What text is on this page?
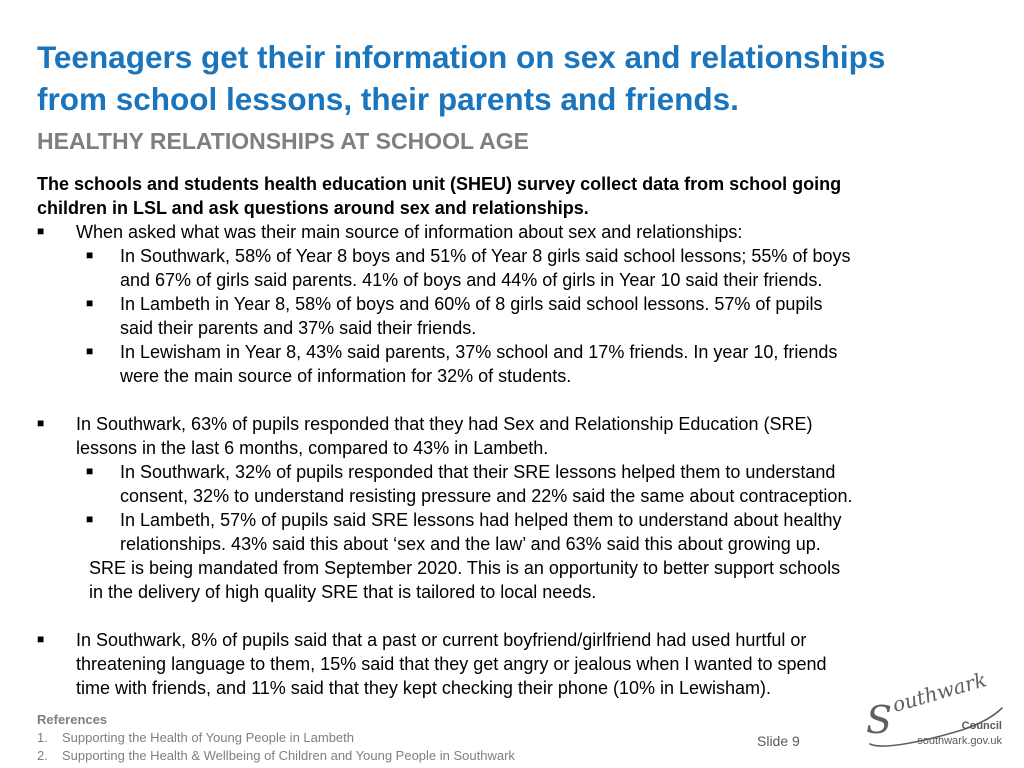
Teenagers get their information on sex and relationships
from school lessons, their parents and friends.
HEALTHY RELATIONSHIPS AT SCHOOL AGE

The schools and students health education unit (SHEU) survey collect data from school going
children in LSL and ask questions around sex and relationships.

■ When asked what was their main source of information about sex and relationships:
■ In Southwark, 58% of Year 8 boys and 51% of Year 8 girls said school lessons; 55% of boys
and 67% of girls said parents. 41% of boys and 44% of girls in Year 10 said their friends.
■ In Lambeth in Year 8, 58% of boys and 60% of 8 girls said school lessons. 57% of pupils
said their parents and 37% said their friends.
■ In Lewisham in Year 8, 43% said parents, 37% school and 17% friends. In year 10, friends
were the main source of information for 32% of students.
■ In Southwark, 63% of pupils responded that they had Sex and Relationship Education (SRE)
lessons in the last 6 months, compared to 43% in Lambeth.
■ In Southwark, 32% of pupils responded that their SRE lessons helped them to understand
consent, 32% to understand resisting pressure and 22% said the same about contraception.
■ In Lambeth, 57% of pupils said SRE lessons had helped them to understand about healthy
relationships. 43% said this about ‘sex and the law’ and 63% said this about growing up.

SRE is being mandated from September 2020. This is an opportunity to better support schools
in the delivery of high quality SRE that is tailored to local needs.

■ In Southwark, 8% of pupils said that a past or current boyfriend/girlfriend had used hurtful or
threatening language to them, 15% said that they get angry or jealous when I wanted to spend
time with friends, and 11% said that they kept checking their phone (10% in Lewisham).
References
1. Supporting the Health of Young People in Lambeth
2. Supporting the Health & Wellbeing of Children and Young People in Southwark
Slide 9 S
outhwark
Council
southwark.gov.uk
